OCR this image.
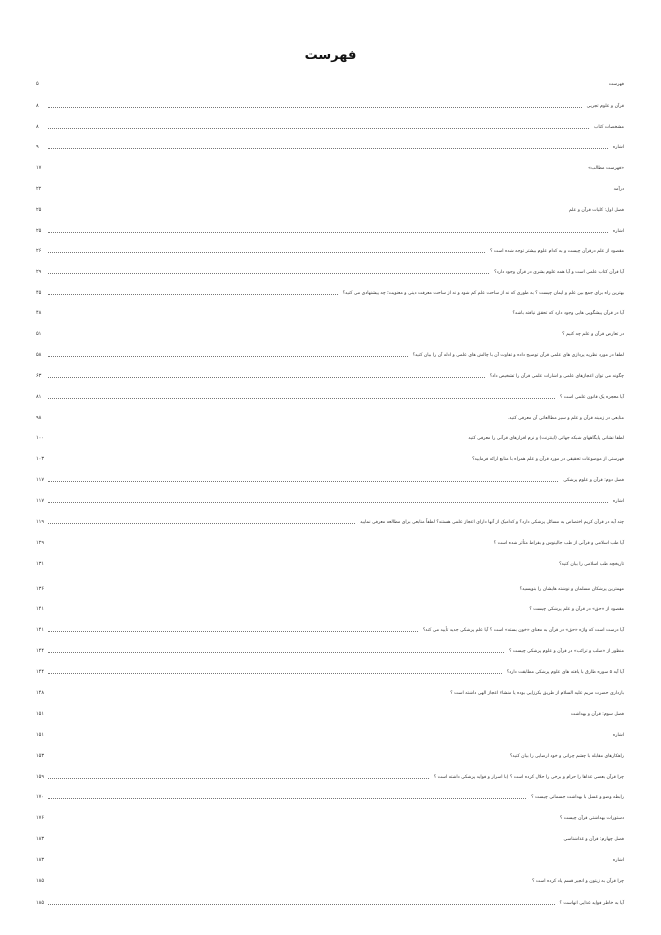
فهرست
فهرست
۵
قرآن و علوم تجربی
۸
مشخصات کتاب
۸
اشاره
۹
«فهرست مطالب»
۱۷
درآمد
۲۲
فصل اول: کلیات قرآن و علم
۲۵
اشاره
۲۵
مقصود از علم درقرآن چیست و به کدام علوم بیشتر توجه شده است ؟
۲۶
آیا قرآن کتاب علمی است و آیا همه علوم بشری در قرآن وجود دارد؟
۲۹
بهترین راه برای جمع بین علم و ایمان چیست ؟ به طوری که نه از ساحت علم کم شود و نه از ساحت معرفت دینی و معنویت؛ چه پیشنهادی می کنید؟
۴۵
آیا در قرآن پیشگویی هایی وجود دارد که تحقق نیافته باشد؟
۴۸
در تعارض قرآن و علم چه کنیم ؟
۵۱
لطفا در مورد نظریه پردازی های علمی قرآن توضیح داده و تفاوت آن با چالش های علمی و ادله آن را بیان کنید؟
۵۸
چگونه می توان اعجازهای علمی و اشارات علمی قرآن را تشخیص داد؟
۶۳
آیا معجزه یک قانون علمی است ؟
۸۱
منابعی در زمینه قرآن و علم و سیر مطالعاتی آن معرفی کنید.
۹۸
لطفا نشانی پایگاههای شبکه جهانی (اینترنت) و نرم افزارهای قرآنی را معرفی کنید
۱۰۰
فهرستی از موضوعات تحقیقی در مورد قرآن و علم همراه با منابع ارائه فرمایید؟
۱۰۳
فصل دوم: قرآن و علوم پزشکی
۱۱۷
اشاره
۱۱۷
چند آیه در قرآن کریم اختصاص به مسائل پزشکی دارد؟ و کدامیک از آنها دارای اعجاز علمی هستند؟ لطفاً منابعی برای مطالعه معرفی نمایید
۱۱۹
آیا طب اسلامی و قرآنی از طب جالینوس و بقراط متأثر شده است ؟
۱۲۹
تاریخچه طب اسلامی را بیان کنید؟
۱۳۱
مهمترین پزشکان مسلمان و نوشته هایشان را بنویسید؟
۱۳۶
مقصود از «حق» در قرآن و علم پزشکی چیست ؟
۱۴۱
آیا درست است که واژه «حق» در قرآن به معنای «خون بسته» است ؟ آیا علم پزشکی جدید تأیید می کند؟
۱۴۱
منظور از «صلب و ترائب» در قرآن و علوم پزشکی چیست ؟
۱۴۴
آیا آیه ۵ سوره طارق با یافته های علوم پزشکی مطابقت دارد؟
۱۴۴
بارداری حضرت مریم علیه السلام از طریق بکرزایی بوده یا منشاء اعجاز الهی داشته است ؟
۱۴۸
فصل سوم: قرآن و بهداشت
۱۵۱
اشاره
۱۵۱
راهکارهای مقابله با چشم چرانی و خود ارضایی را بیان کنید؟
۱۵۳
چرا قرآن بعضی غذاها را حرام و برخی را حلال کرده است ؟ (با اسرار و فواید پزشکی داشته است ؟
۱۵۹
رابطه وضو و غسل با بهداشت جسمانی چیست ؟
۱۷۰
دستورات بهداشتی قرآن چیست ؟
۱۷۶
فصل چهارم: قرآن و غذاشناسی
۱۸۳
اشاره
۱۸۳
چرا قرآن به زیتون و انجیر قسم یاد کرده است ؟
۱۸۵
آیا به خاطر فواید غذایی انهاست ؟
۱۸۵
